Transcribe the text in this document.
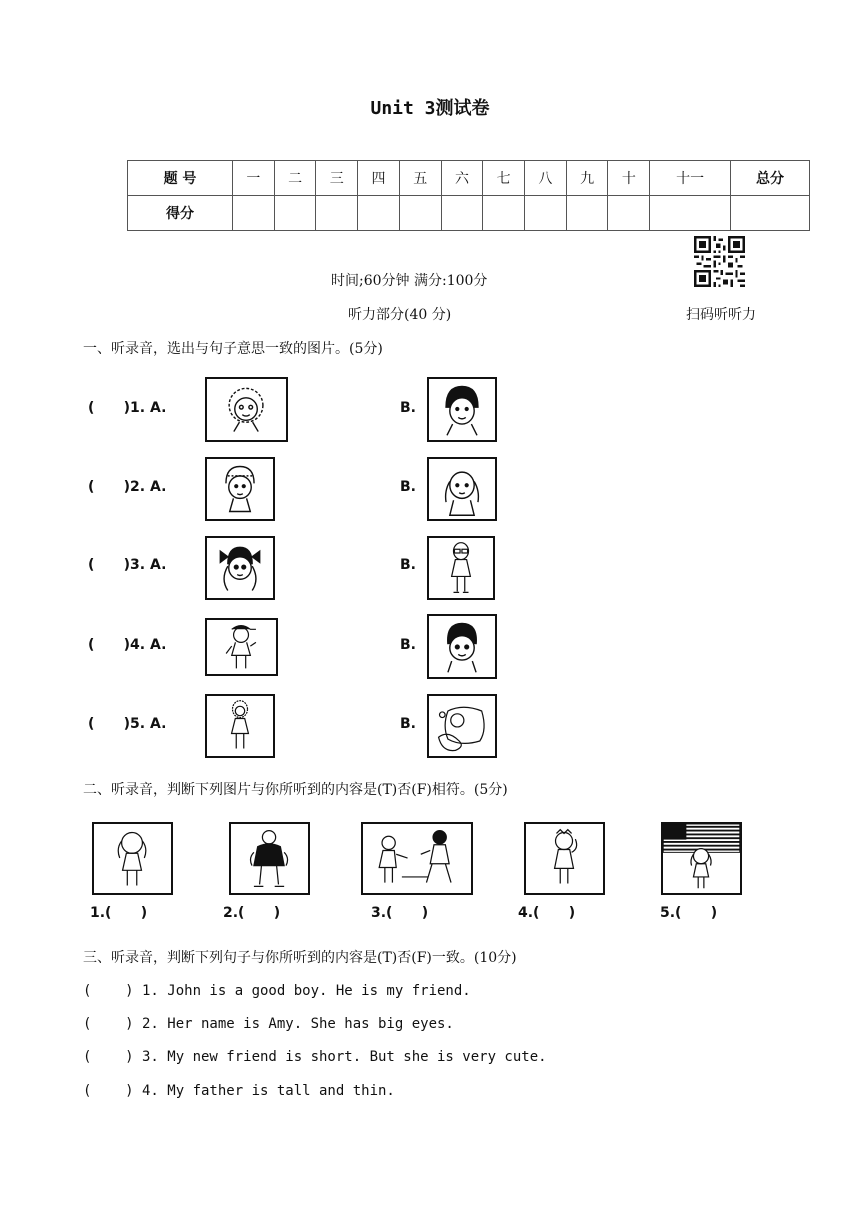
Unit 3测试卷
题 号	一	二	三	四	五	六	七	八	九	十	十一	总分
得分												
时间;60分钟 满分:100分
听力部分(40 分)	扫码听听力
一、听录音，选出与句子意思一致的图片。(5分)
(      )1. A.	B.
(      )2. A.	B.
(      )3. A.	B.
(      )4. A.	B.
(      )5. A.	B.
二、听录音，判断下列图片与你所听到的内容是(T)否(F)相符。(5分)
1.(      )	2.(      )	3.(      )	4.(      )	5.(      )
三、听录音，判断下列句子与你所听到的内容是(T)否(F)一致。(10分)
(    ) 1. John is a good boy. He is my friend.
(    ) 2. Her name is Amy. She has big eyes.
(    ) 3. My new friend is short. But she is very cute.
(    ) 4. My father is tall and thin.
